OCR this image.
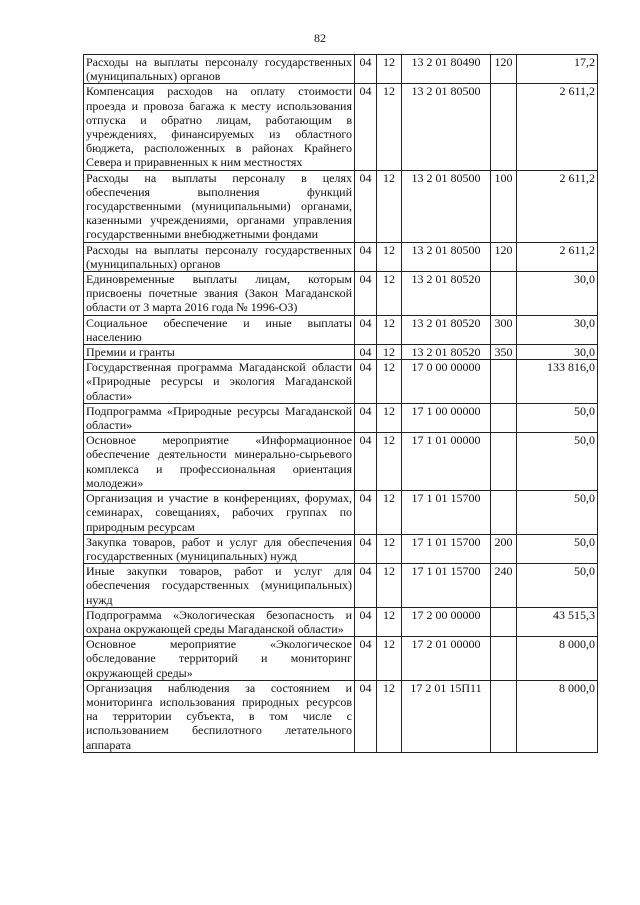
82
Расходы на выплаты персоналу государственных (муниципальных) органов	04	12	13 2 01 80490	120	17,2
Компенсация расходов на оплату стоимости проезда и провоза багажа к месту использования отпуска и обратно лицам, работающим в учреждениях, финансируемых из областного бюджета, расположенных в районах Крайнего Севера и приравненных к ним местностях	04	12	13 2 01 80500		2 611,2
Расходы на выплаты персоналу в целях обеспечения выполнения функций государственными (муниципальными) органами, казенными учреждениями, органами управления государственными внебюджетными фондами	04	12	13 2 01 80500	100	2 611,2
Расходы на выплаты персоналу государственных (муниципальных) органов	04	12	13 2 01 80500	120	2 611,2
Единовременные выплаты лицам, которым присвоены почетные звания (Закон Магаданской области от 3 марта 2016 года № 1996-ОЗ)	04	12	13 2 01 80520		30,0
Социальное обеспечение и иные выплаты населению	04	12	13 2 01 80520	300	30,0
Премии и гранты	04	12	13 2 01 80520	350	30,0
Государственная программа Магаданской области «Природные ресурсы и экология Магаданской области»	04	12	17 0 00 00000		133 816,0
Подпрограмма «Природные ресурсы Магаданской области»	04	12	17 1 00 00000		50,0
Основное мероприятие «Информационное обеспечение деятельности минерально-сырьевого комплекса и профессиональная ориентация молодежи»	04	12	17 1 01 00000		50,0
Организация и участие в конференциях, форумах, семинарах, совещаниях, рабочих группах по природным ресурсам	04	12	17 1 01 15700		50,0
Закупка товаров, работ и услуг для обеспечения государственных (муниципальных) нужд	04	12	17 1 01 15700	200	50,0
Иные закупки товаров, работ и услуг для обеспечения государственных (муниципальных) нужд	04	12	17 1 01 15700	240	50,0
Подпрограмма «Экологическая безопасность и охрана окружающей среды Магаданской области»	04	12	17 2 00 00000		43 515,3
Основное мероприятие «Экологическое обследование территорий и мониторинг окружающей среды»	04	12	17 2 01 00000		8 000,0
Организация наблюдения за состоянием и мониторинга использования природных ресурсов на территории субъекта, в том числе с использованием беспилотного летательного аппарата	04	12	17 2 01 15П11		8 000,0
